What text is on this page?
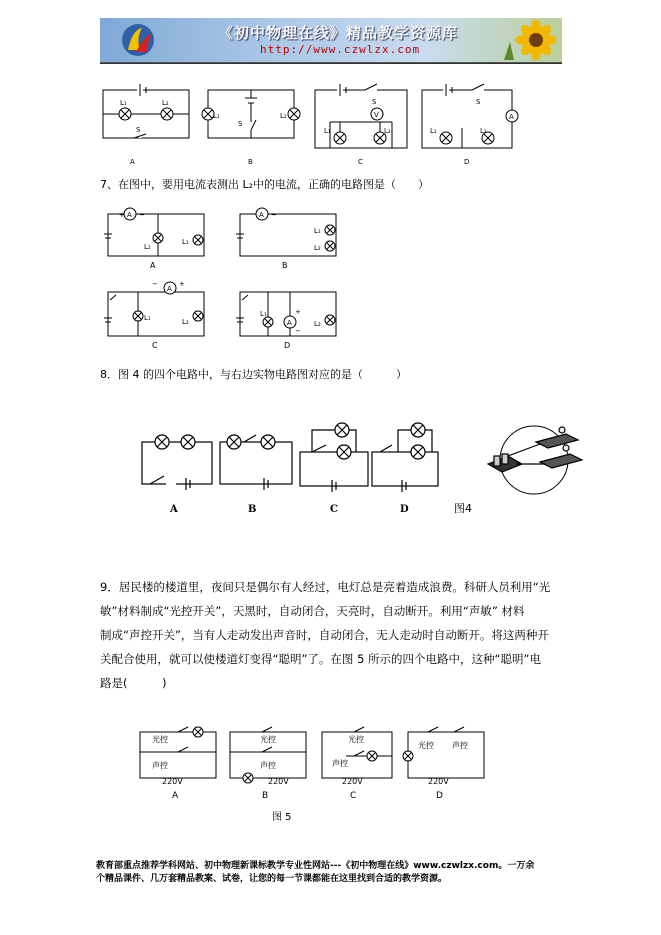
《初中物理在线》精品教学资源库
http://www.czwlzx.com
L₁	L₂
S
L₁	L₂
S
S
V
L₁	L₂
S
A
L₁	L₂
A	B	C	D
7、在图中，要用电流表测出 L₂中的电流，正确的电路图是（　　）
+ A −
L₂
L₁
A
A −
L₁
L₂
B
−
A
+
L₁	L₂
C
L₁
A
+
−
L₂
D
8．图 4 的四个电路中，与右边实物电路图对应的是（　　　）
A	B	C	D	图4
9．居民楼的楼道里，夜间只是偶尔有人经过，电灯总是亮着造成浪费。科研人员利用“光
敏”材料制成“光控开关”，天黑时，自动闭合，天亮时，自动断开。利用“声敏” 材料
制成“声控开关”，当有人走动发出声音时，自动闭合，无人走动时自动断开。将这两种开
关配合使用，就可以使楼道灯变得“聪明”了。在图 5 所示的四个电路中，这种“聪明”电
路是(　　　)
光控
声控
220V
A
光控
声控
220V
B
光控
声控
220V
C
光控 声控
220V
D
图 5
教育部重点推荐学科网站、初中物理新课标教学专业性网站---《初中物理在线》www.czwlzx.com。一万余
个精品课件、几万套精品教案、试卷，让您的每一节课都能在这里找到合适的教学资源。
